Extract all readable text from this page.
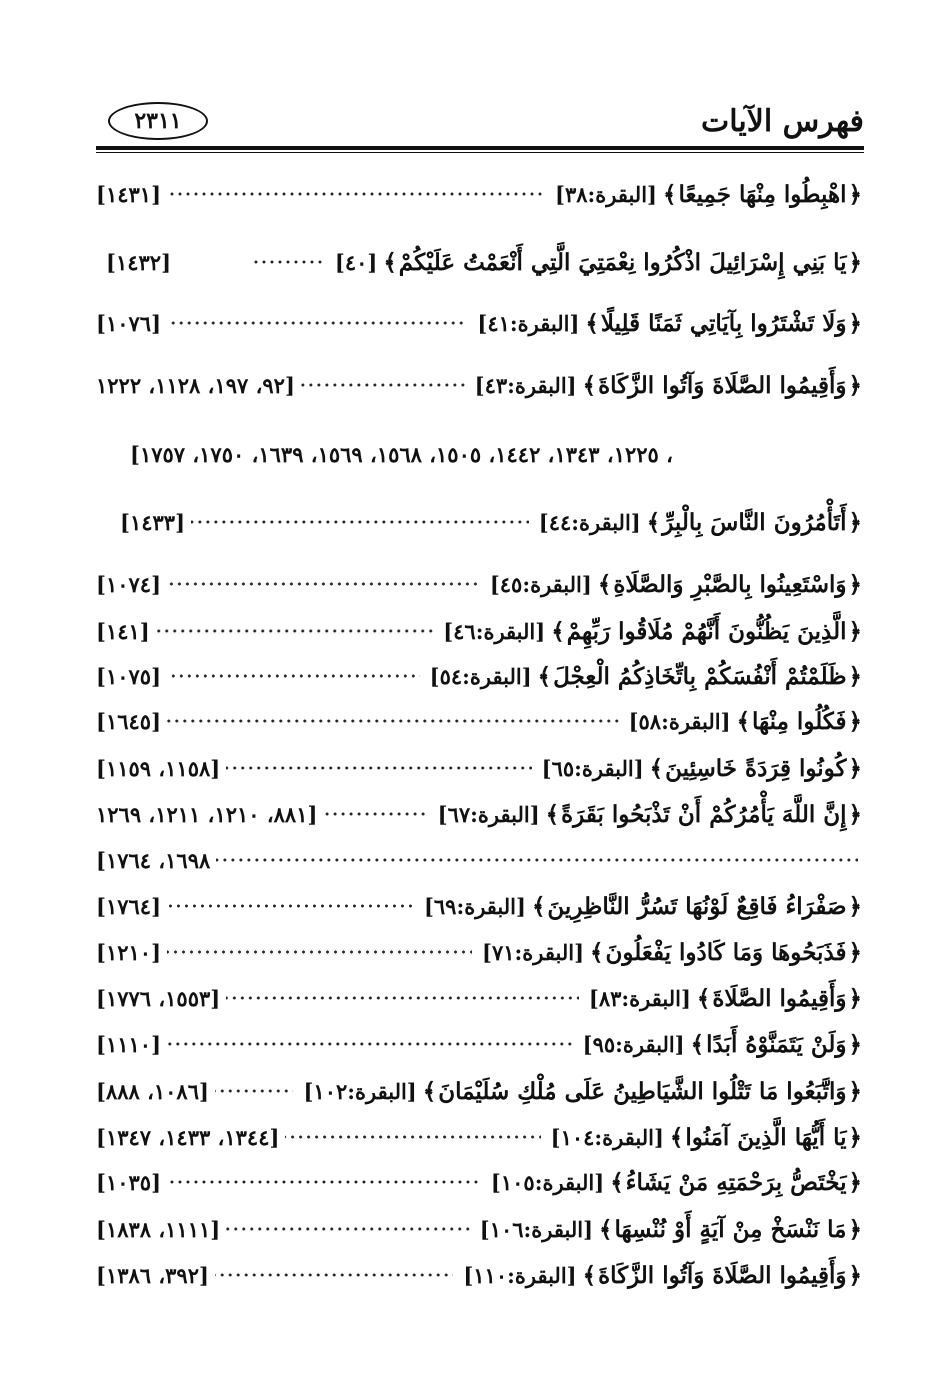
فهرس الآيات
٢٣١١
﴿
اهْبِطُوا مِنْهَا جَمِيعًا
﴾
[البقرة:٣٨]
[١٤٣١]
﴿
يَا بَنِي إِسْرَائِيلَ اذْكُرُوا نِعْمَتِيَ الَّتِي أَنْعَمْتُ عَلَيْكُمْ
﴾
[٤٠]
[١٤٣٢]
﴿
وَلَا تَشْتَرُوا بِآيَاتِي ثَمَنًا قَلِيلًا
﴾
[البقرة:٤١]
[١٠٧٦]
﴿
وَأَقِيمُوا الصَّلَاةَ وَآتُوا الزَّكَاةَ
﴾
[البقرة:٤٣]
[٩٢، ١٩٧، ١١٢٨، ١٢٢٢
، ١٢٢٥، ١٣٤٣، ١٤٤٢، ١٥٠٥، ١٥٦٨، ١٥٦٩، ١٦٣٩، ١٧٥٠، ١٧٥٧]
﴿
أَتَأْمُرُونَ النَّاسَ بِالْبِرِّ
﴾
[البقرة:٤٤]
[١٤٣٣]
﴿
وَاسْتَعِينُوا بِالصَّبْرِ وَالصَّلَاةِ
﴾
[البقرة:٤٥]
[١٠٧٤]
﴿
الَّذِينَ يَظُنُّونَ أَنَّهُمْ مُلَاقُوا رَبِّهِمْ
﴾
[البقرة:٤٦]
[١٤١]
﴿
ظَلَمْتُمْ أَنْفُسَكُمْ بِاتِّخَاذِكُمُ الْعِجْلَ
﴾
[البقرة:٥٤]
[١٠٧٥]
﴿
فَكُلُوا مِنْهَا
﴾
[البقرة:٥٨]
[١٦٤٥]
﴿
كُونُوا قِرَدَةً خَاسِئِينَ
﴾
[البقرة:٦٥]
[١١٥٨، ١١٥٩]
﴿
إِنَّ اللَّهَ يَأْمُرُكُمْ أَنْ تَذْبَحُوا بَقَرَةً
﴾
[البقرة:٦٧]
[٨٨١، ١٢١٠، ١٢١١، ١٢٦٩
١٦٩٨، ١٧٦٤]
﴿
صَفْرَاءُ فَاقِعٌ لَوْنُهَا تَسُرُّ النَّاظِرِينَ
﴾
[البقرة:٦٩]
[١٧٦٤]
﴿
فَذَبَحُوهَا وَمَا كَادُوا يَفْعَلُونَ
﴾
[البقرة:٧١]
[١٢١٠]
﴿
وَأَقِيمُوا الصَّلَاةَ
﴾
[البقرة:٨٣]
[١٥٥٣، ١٧٧٦]
﴿
وَلَنْ يَتَمَنَّوْهُ أَبَدًا
﴾
[البقرة:٩٥]
[١١١٠]
﴿
وَاتَّبَعُوا مَا تَتْلُوا الشَّيَاطِينُ عَلَى مُلْكِ سُلَيْمَانَ
﴾
[البقرة:١٠٢]
[١٠٨٦، ٨٨٨]
﴿
يَا أَيُّهَا الَّذِينَ آمَنُوا
﴾
[البقرة:١٠٤]
[١٣٤٤، ١٤٣٣، ١٣٤٧]
﴿
يَخْتَصُّ بِرَحْمَتِهِ مَنْ يَشَاءُ
﴾
[البقرة:١٠٥]
[١٠٣٥]
﴿
مَا نَنْسَخْ مِنْ آيَةٍ أَوْ نُنْسِهَا
﴾
[البقرة:١٠٦]
[١١١١، ١٨٣٨]
﴿
وَأَقِيمُوا الصَّلَاةَ وَآتُوا الزَّكَاةَ
﴾
[البقرة:١١٠]
[٣٩٢، ١٣٨٦]
